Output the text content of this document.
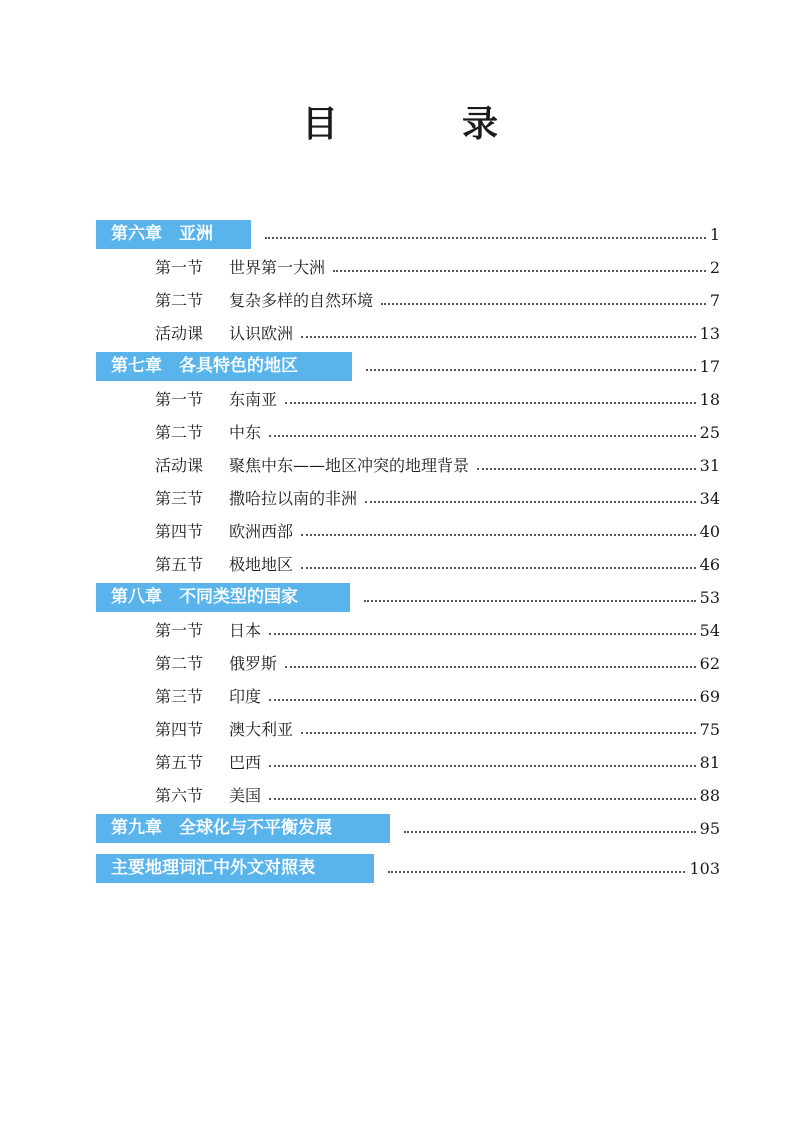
目　录
第六章　亚洲	1
第一节 世界第一大洲	2
第二节 复杂多样的自然环境	7
活动课 认识欧洲	13
第七章　各具特色的地区	17
第一节 东南亚	18
第二节 中东	25
活动课 聚焦中东——地区冲突的地理背景	31
第三节 撒哈拉以南的非洲	34
第四节 欧洲西部	40
第五节 极地地区	46
第八章　不同类型的国家	53
第一节 日本	54
第二节 俄罗斯	62
第三节 印度	69
第四节 澳大利亚	75
第五节 巴西	81
第六节 美国	88
第九章　全球化与不平衡发展	95
主要地理词汇中外文对照表	103
